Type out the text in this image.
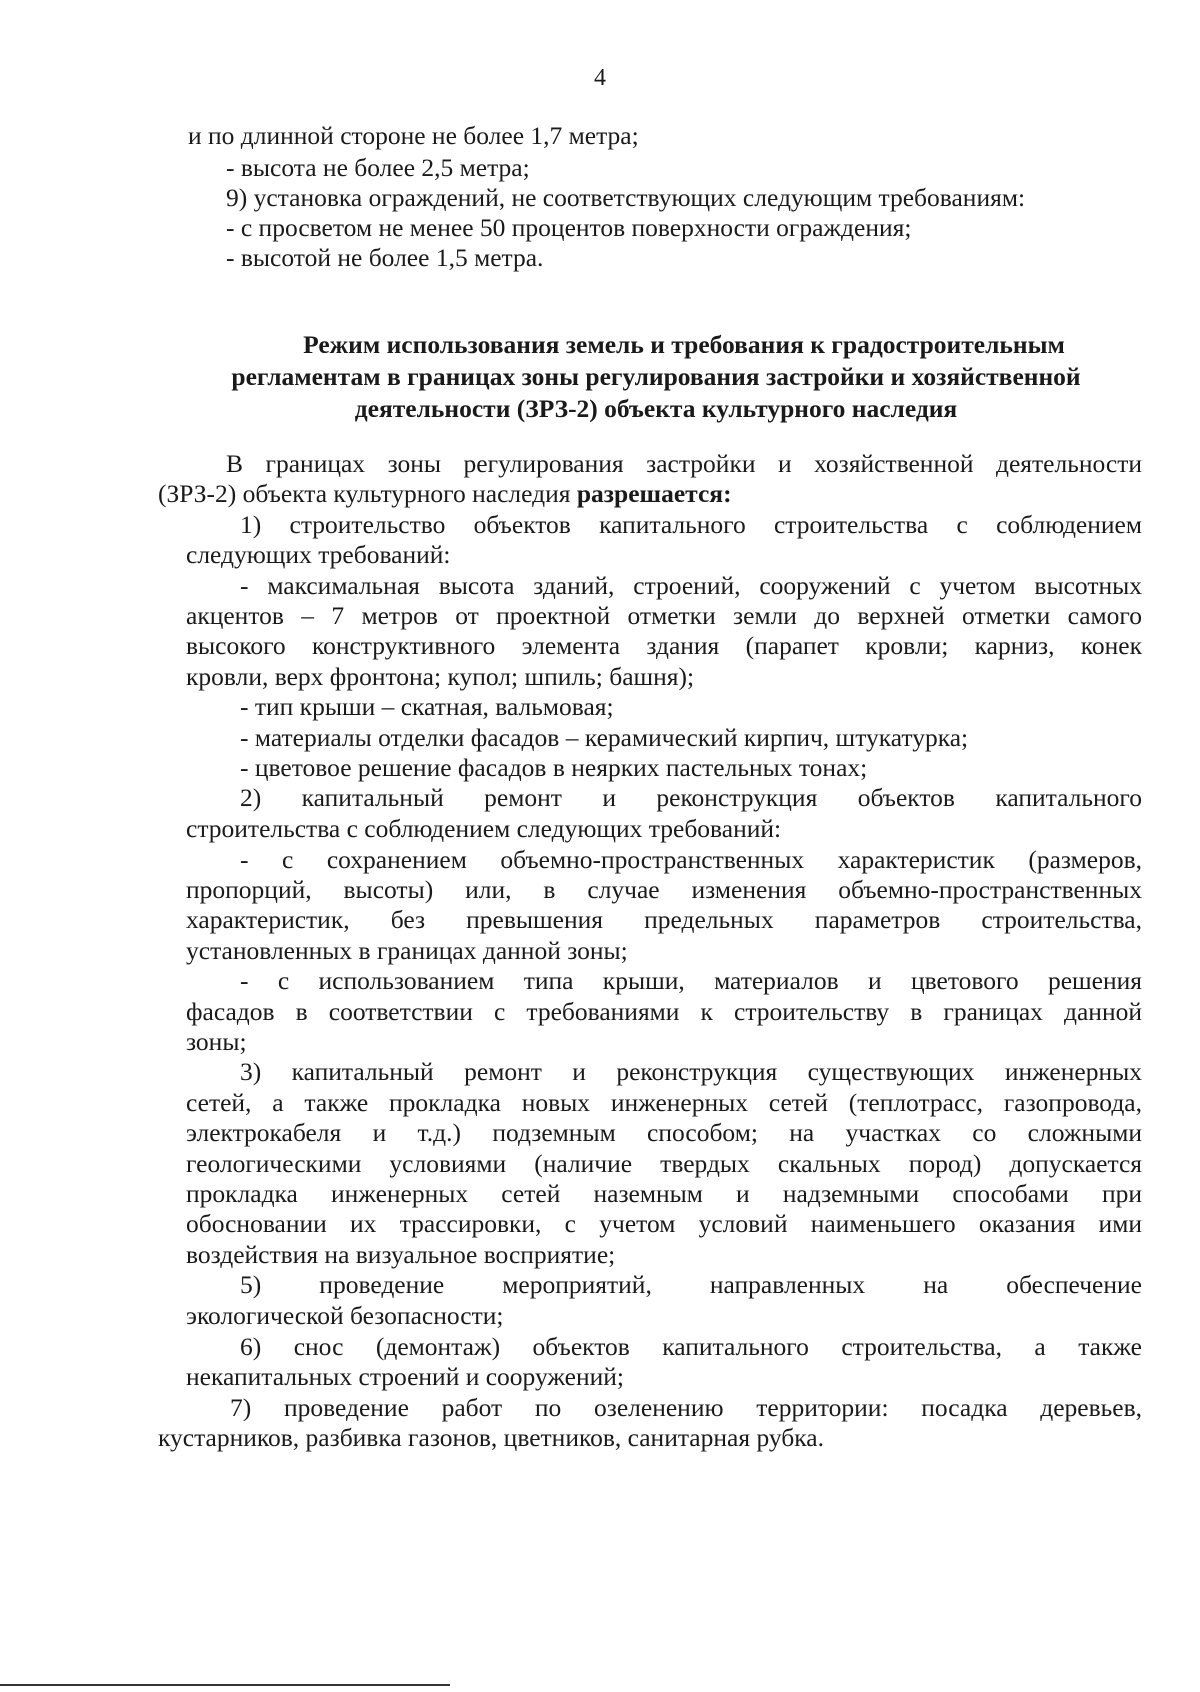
4
и по длинной стороне не более 1,7 метра;
- высота не более 2,5 метра;
9) установка ограждений, не соответствующих следующим требованиям:
- с просветом не менее 50 процентов поверхности ограждения;
- высотой не более 1,5 метра.
Режим использования земель и требования к градостроительным
регламентам в границах зоны регулирования застройки и хозяйственной
деятельности (ЗРЗ-2) объекта культурного наследия
В границах зоны регулирования застройки и хозяйственной деятельности
(ЗРЗ-2) объекта культурного наследия разрешается:
1) строительство объектов капитального строительства с соблюдением
следующих требований:
- максимальная высота зданий, строений, сооружений с учетом высотных
акцентов – 7 метров от проектной отметки земли до верхней отметки самого
высокого конструктивного элемента здания (парапет кровли; карниз, конек
кровли, верх фронтона; купол; шпиль; башня);
- тип крыши – скатная, вальмовая;
- материалы отделки фасадов – керамический кирпич, штукатурка;
- цветовое решение фасадов в неярких пастельных тонах;
2) капитальный ремонт и реконструкция объектов капитального
строительства с соблюдением следующих требований:
- с сохранением объемно-пространственных характеристик (размеров,
пропорций, высоты) или, в случае изменения объемно-пространственных
характеристик, без превышения предельных параметров строительства,
установленных в границах данной зоны;
- с использованием типа крыши, материалов и цветового решения
фасадов в соответствии с требованиями к строительству в границах данной
зоны;
3) капитальный ремонт и реконструкция существующих инженерных
сетей, а также прокладка новых инженерных сетей (теплотрасс, газопровода,
электрокабеля и т.д.) подземным способом; на участках со сложными
геологическими условиями (наличие твердых скальных пород) допускается
прокладка инженерных сетей наземным и надземными способами при
обосновании их трассировки, с учетом условий наименьшего оказания ими
воздействия на визуальное восприятие;
5) проведение мероприятий, направленных на обеспечение
экологической безопасности;
6) снос (демонтаж) объектов капитального строительства, а также
некапитальных строений и сооружений;
7) проведение работ по озеленению территории: посадка деревьев,
кустарников, разбивка газонов, цветников, санитарная рубка.
